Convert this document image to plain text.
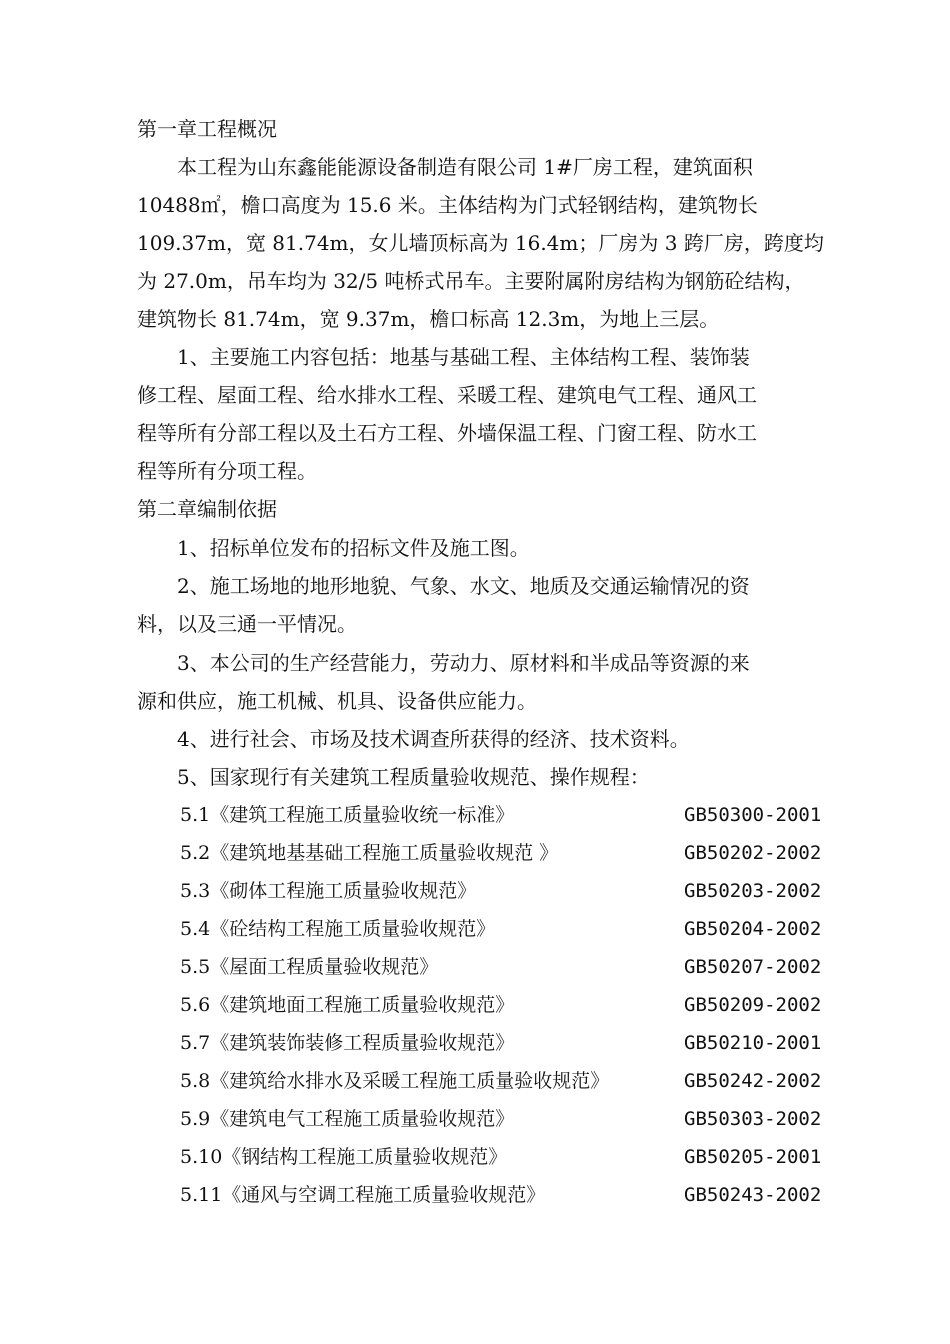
第一章工程概况
　　本工程为山东鑫能能源设备制造有限公司 1#厂房工程，建筑面积
10488㎡，檐口高度为 15.6 米。主体结构为门式轻钢结构，建筑物长
109.37m，宽 81.74m，女儿墙顶标高为 16.4m；厂房为 3 跨厂房，跨度均
为 27.0m，吊车均为 32/5 吨桥式吊车。主要附属附房结构为钢筋砼结构，
建筑物长 81.74m，宽 9.37m，檐口标高 12.3m，为地上三层。
　　1、主要施工内容包括：地基与基础工程、主体结构工程、装饰装
修工程、屋面工程、给水排水工程、采暖工程、建筑电气工程、通风工
程等所有分部工程以及土石方工程、外墙保温工程、门窗工程、防水工
程等所有分项工程。
第二章编制依据
　　1、招标单位发布的招标文件及施工图。
　　2、施工场地的地形地貌、气象、水文、地质及交通运输情况的资
料，以及三通一平情况。
　　3、本公司的生产经营能力，劳动力、原材料和半成品等资源的来
源和供应，施工机械、机具、设备供应能力。
　　4、进行社会、市场及技术调查所获得的经济、技术资料。
　　5、国家现行有关建筑工程质量验收规范、操作规程：
5.1《建筑工程施工质量验收统一标准》	GB50300-2001
5.2《建筑地基基础工程施工质量验收规范 》	GB50202-2002
5.3《砌体工程施工质量验收规范》	GB50203-2002
5.4《砼结构工程施工质量验收规范》	GB50204-2002
5.5《屋面工程质量验收规范》	GB50207-2002
5.6《建筑地面工程施工质量验收规范》	GB50209-2002
5.7《建筑装饰装修工程质量验收规范》	GB50210-2001
5.8《建筑给水排水及采暖工程施工质量验收规范》	GB50242-2002
5.9《建筑电气工程施工质量验收规范》	GB50303-2002
5.10《钢结构工程施工质量验收规范》	GB50205-2001
5.11《通风与空调工程施工质量验收规范》	GB50243-2002
